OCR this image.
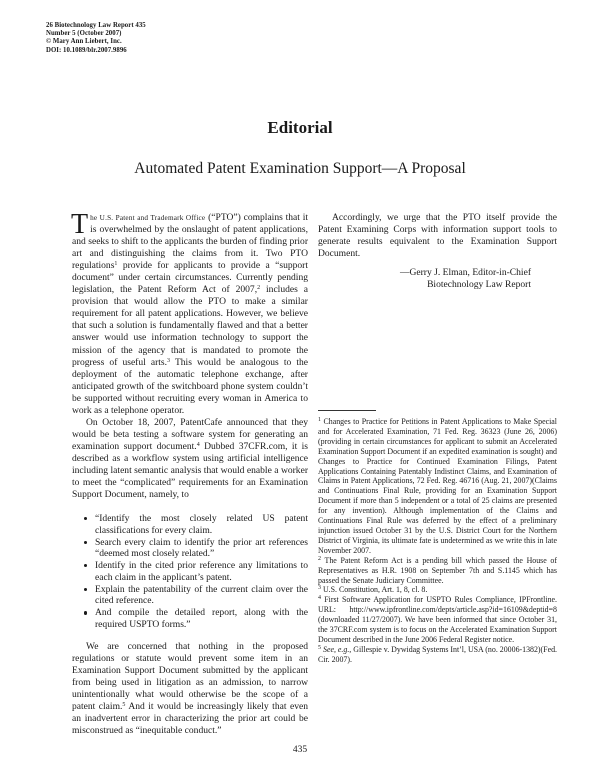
26 Biotechnology Law Report 435
Number 5 (October 2007)
© Mary Ann Liebert, Inc.
DOI: 10.1089/blr.2007.9896
Editorial
Automated Patent Examination Support—A Proposal

The U.S. Patent and Trademark Office (“PTO”) complains that it is overwhelmed by the onslaught of patent applications, and seeks to shift to the applicants the burden of finding prior art and distinguishing the claims from it. Two PTO regulations$^1$ provide for applicants to provide a “support document” under certain circumstances. Currently pending legislation, the Patent Reform Act of 2007,$^2$ includes a provision that would allow the PTO to make a similar requirement for all patent applications. However, we believe that such a solution is fundamentally flawed and that a better answer would use information technology to support the mission of the agency that is mandated to promote the progress of useful arts.$^3$ This would be analogous to the deployment of the automatic telephone exchange, after anticipated growth of the switchboard phone system couldn’t be supported without recruiting every woman in America to work as a telephone operator.

On October 18, 2007, PatentCafe announced that they would be beta testing a software system for generating an examination support document.$^4$ Dubbed 37CFR.com, it is described as a workflow system using artificial intelligence including latent semantic analysis that would enable a worker to meet the “complicated” requirements for an Examination Support Document, namely, to

“Identify the most closely related US patent classifications for every claim.
Search every claim to identify the prior art references “deemed most closely related.”
Identify in the cited prior reference any limitations to each claim in the applicant’s patent.
Explain the patentability of the current claim over the cited reference.
And compile the detailed report, along with the required USPTO forms.”

We are concerned that nothing in the proposed regulations or statute would prevent some item in an Examination Support Document submitted by the applicant from being used in litigation as an admission, to narrow unintentionally what would otherwise be the scope of a patent claim.$^5$ And it would be increasingly likely that even an inadvertent error in characterizing the prior art could be misconstrued as “inequitable conduct.”

Accordingly, we urge that the PTO itself provide the Patent Examining Corps with information support tools to generate results equivalent to the Examination Support Document.

—Gerry J. Elman, Editor-in-Chief
Biotechnology Law Report

$^1$ Changes to Practice for Petitions in Patent Applications to Make Special and for Accelerated Examination, 71 Fed. Reg. 36323 (June 26, 2006) (providing in certain circumstances for applicant to submit an Accelerated Examination Support Document if an expedited examination is sought) and Changes to Practice for Continued Examination Filings, Patent Applications Containing Patentably Indistinct Claims, and Examination of Claims in Patent Applications, 72 Fed. Reg. 46716 (Aug. 21, 2007)(Claims and Continuations Final Rule, providing for an Examination Support Document if more than 5 independent or a total of 25 claims are presented for any invention). Although implementation of the Claims and Continuations Final Rule was deferred by the effect of a preliminary injunction issued October 31 by the U.S. District Court for the Northern District of Virginia, its ultimate fate is undetermined as we write this in late November 2007.

$^2$ The Patent Reform Act is a pending bill which passed the House of Representatives as H.R. 1908 on September 7th and S.1145 which has passed the Senate Judiciary Committee.

$^3$ U.S. Constitution, Art. 1, 8, cl. 8.

$^4$ First Software Application for USPTO Rules Compliance, IPFrontline. URL: http://www.ipfrontline.com/depts/article.asp?id=16109&deptid=8 (downloaded 11/27/2007). We have been informed that since October 31, the 37CRF.com system is to focus on the Accelerated Examination Support Document described in the June 2006 Federal Register notice.

$^5$ See, e.g., Gillespie v. Dywidag Systems Int’l, USA (no. 20006-1382)(Fed. Cir. 2007).

435
